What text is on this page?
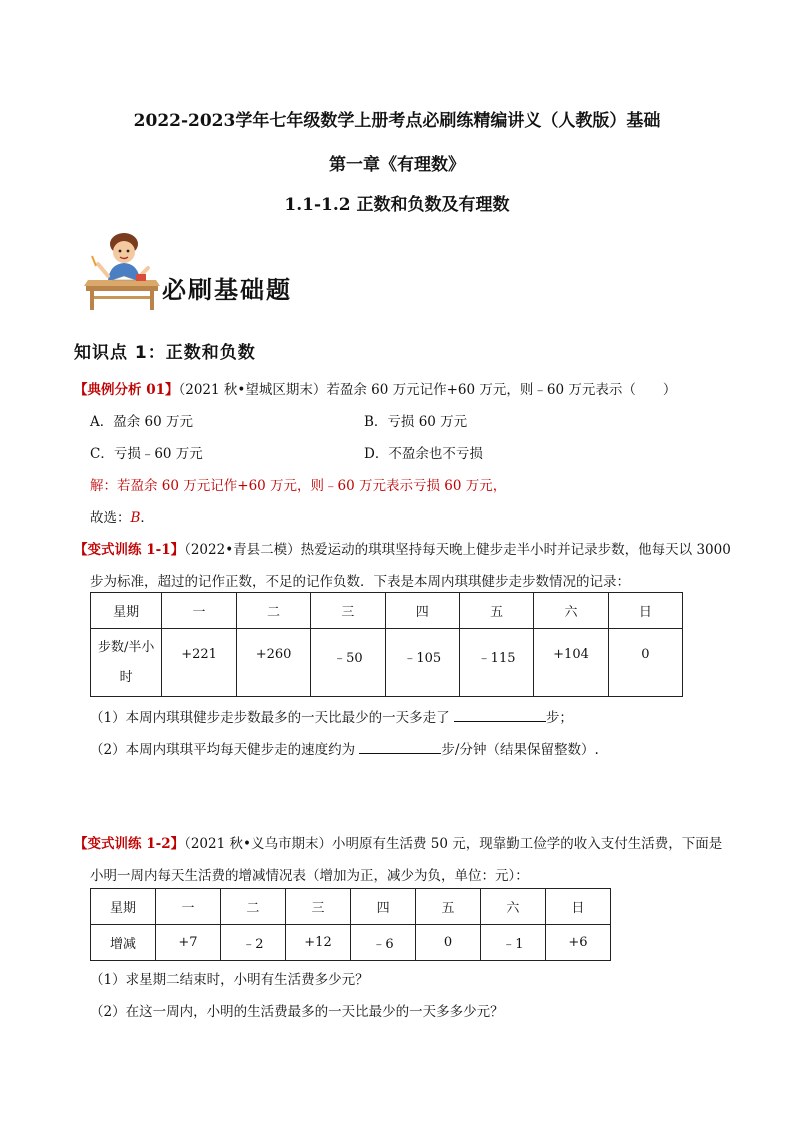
2022-2023学年七年级数学上册考点必刷练精编讲义（人教版）基础
第一章《有理数》
1.1-1.2 正数和负数及有理数
必刷基础题
知识点 1：正数和负数
【典例分析 01】（2021 秋•望城区期末）若盈余 60 万元记作+60 万元，则﹣60 万元表示（　　）
A．盈余 60 万元	B．亏损 60 万元
C．亏损﹣60 万元	D．不盈余也不亏损
解：若盈余 60 万元记作+60 万元，则﹣60 万元表示亏损 60 万元，
故选：B．
【变式训练 1-1】（2022•青县二模）热爱运动的琪琪坚持每天晚上健步走半小时并记录步数，他每天以 3000
步为标准，超过的记作正数，不足的记作负数．下表是本周内琪琪健步走步数情况的记录：
星期	一	二	三	四	五	六	日

步数/半小
时	+221	+260	﹣50	﹣105	﹣115	+104	0
（1）本周内琪琪健步走步数最多的一天比最少的一天多走了	步；
（2）本周内琪琪平均每天健步走的速度约为	步/分钟（结果保留整数）.
【变式训练 1-2】（2021 秋•义乌市期末）小明原有生活费 50 元，现靠勤工俭学的收入支付生活费，下面是
小明一周内每天生活费的增减情况表（增加为正，减少为负，单位：元）：
星期	一	二	三	四	五	六	日
增减	+7	﹣2	+12	﹣6	0	﹣1	+6
（1）求星期二结束时，小明有生活费多少元？
（2）在这一周内，小明的生活费最多的一天比最少的一天多多少元？
